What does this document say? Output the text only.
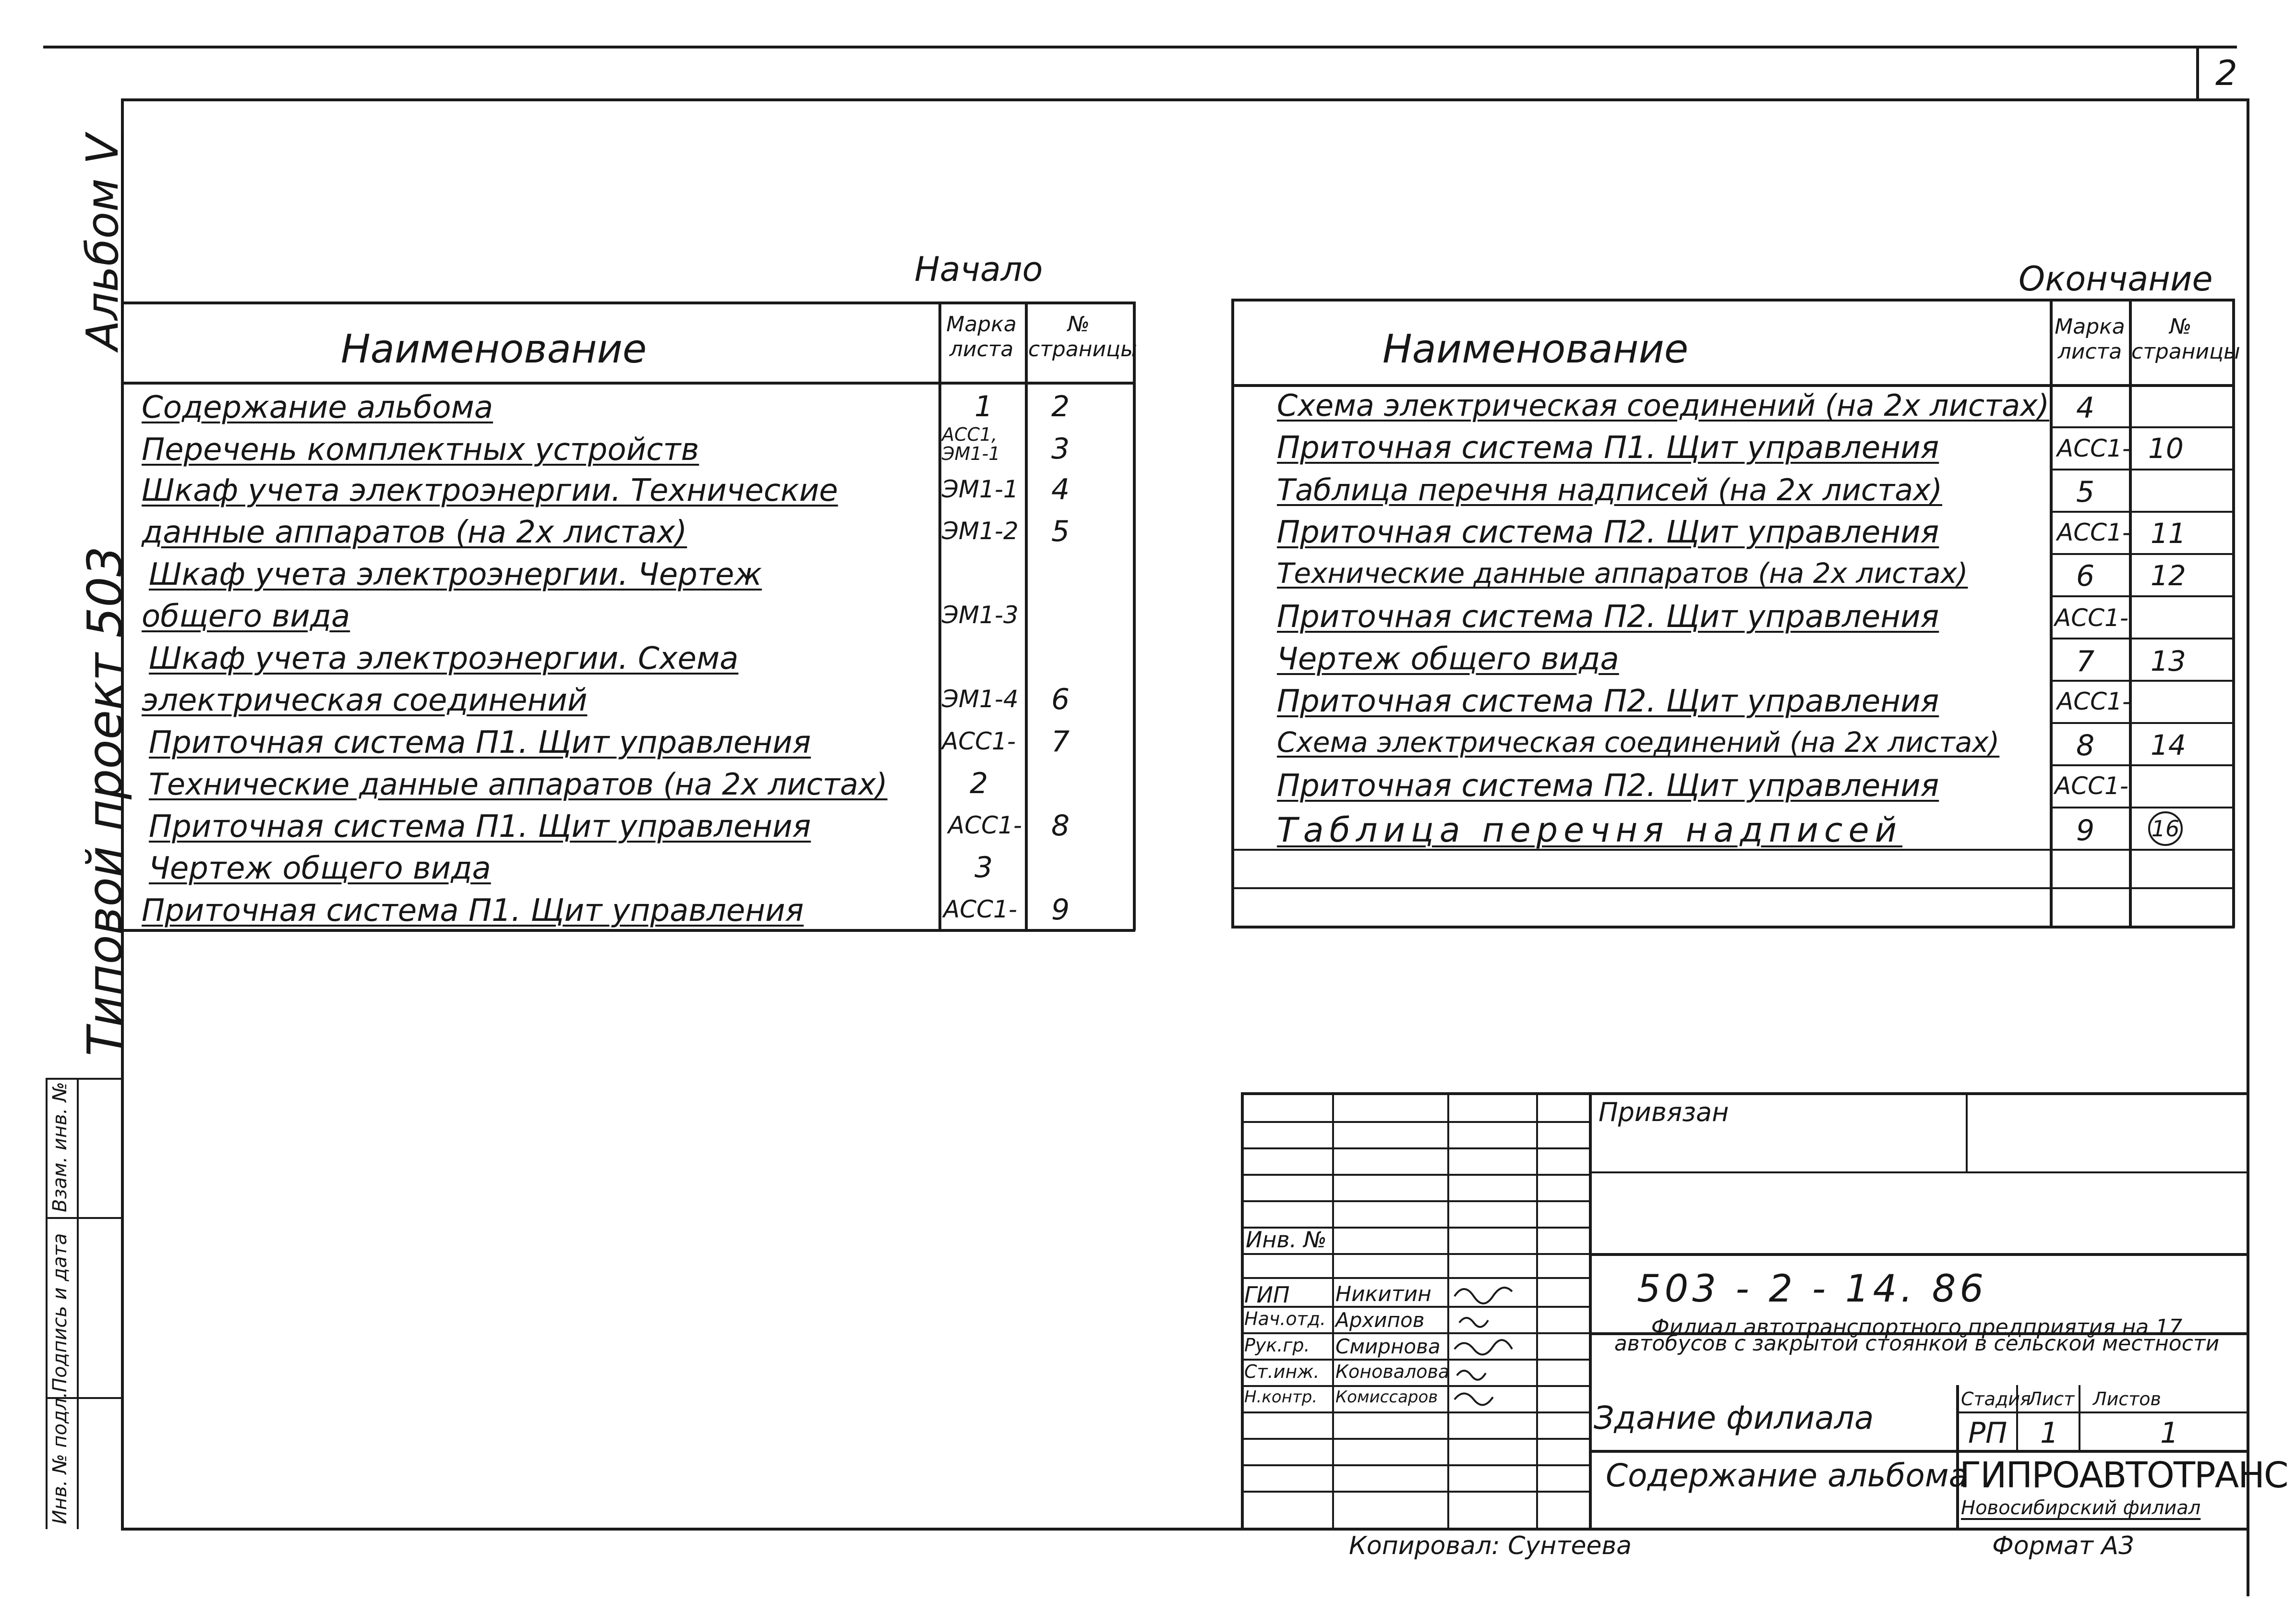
2
Альбом V
Типовой проект 503
Взам. инв. №
Подпись и дата
Инв. № подл.
Начало
Наименование
Марка листа
№ страницы
Содержание альбома	1 2
Перечень комплектных устройств	АСС1, ЭМ1-1	3
Шкаф учета электроэнергии. Технические	ЭМ1-1 4
данные аппаратов (на 2х листах)	ЭМ1-2 5
Шкаф учета электроэнергии. Чертеж
общего вида	ЭМ1-3
Шкаф учета электроэнергии. Схема
электрическая соединений	ЭМ1-4 6
Приточная система П1. Щит управления	АСС1- 7
Технические данные аппаратов (на 2х листах)	2
Приточная система П1. Щит управления	АСС1- 8
Чертеж общего вида	3
Приточная система П1. Щит управления	АСС1- 9
Окончание
Наименование	Марка листа
№ страницы
Схема электрическая соединений (на 2х листах) 4
Приточная система П1. Щит управления	АСС1- 10
Таблица перечня надписей (на 2х листах)	5
Приточная система П2. Щит управления	АСС1- 11
Технические данные аппаратов (на 2х листах)	6 12
Приточная система П2. Щит управления	АСС1-
Чертеж общего вида	7 13
Приточная система П2. Щит управления	АСС1-
Схема электрическая соединений (на 2х листах)	8 14
Приточная система П2. Щит управления	АСС1-
Таблица перечня надписей	9	16
Привязан
Инв. №
503 - 2 - 14. 86
Филиал автотранспортного предприятия на 17 автобусов с закрытой стоянкой в сельской местности
ГИП Никитин
Нач.отд. Архипов
Рук.гр. Смирнова
Ст.инж. Коновалова
Н.контр. Комиссаров
Здание филиала
Содержание альбома
Стадия
Лист Листов
РП 1	1
ГИПРОАВТОТРАНС
Новосибирский филиал
Копировал: Сунтеева	Формат А3
